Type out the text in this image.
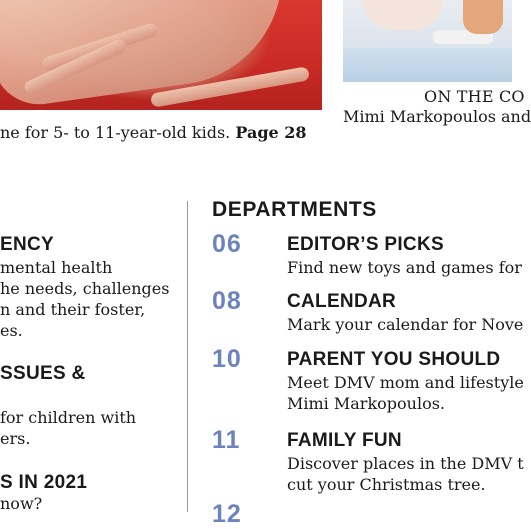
ne for 5- to 11-year-old kids. Page 28
ON THE CO
Mimi Markopoulos and
ENCY
mental health
he needs, challenges
n and their foster,
es.
SSUES &
for children with
ers.
S IN 2021
now?
DEPARTMENTS
06 EDITOR’S PICKS
Find new toys and games for
08 CALENDAR
Mark your calendar for Nove
10 PARENT YOU SHOULD
Meet DMV mom and lifestyle
Mimi Markopoulos.
11 FAMILY FUN
Discover places in the DMV t
cut your Christmas tree.
12
